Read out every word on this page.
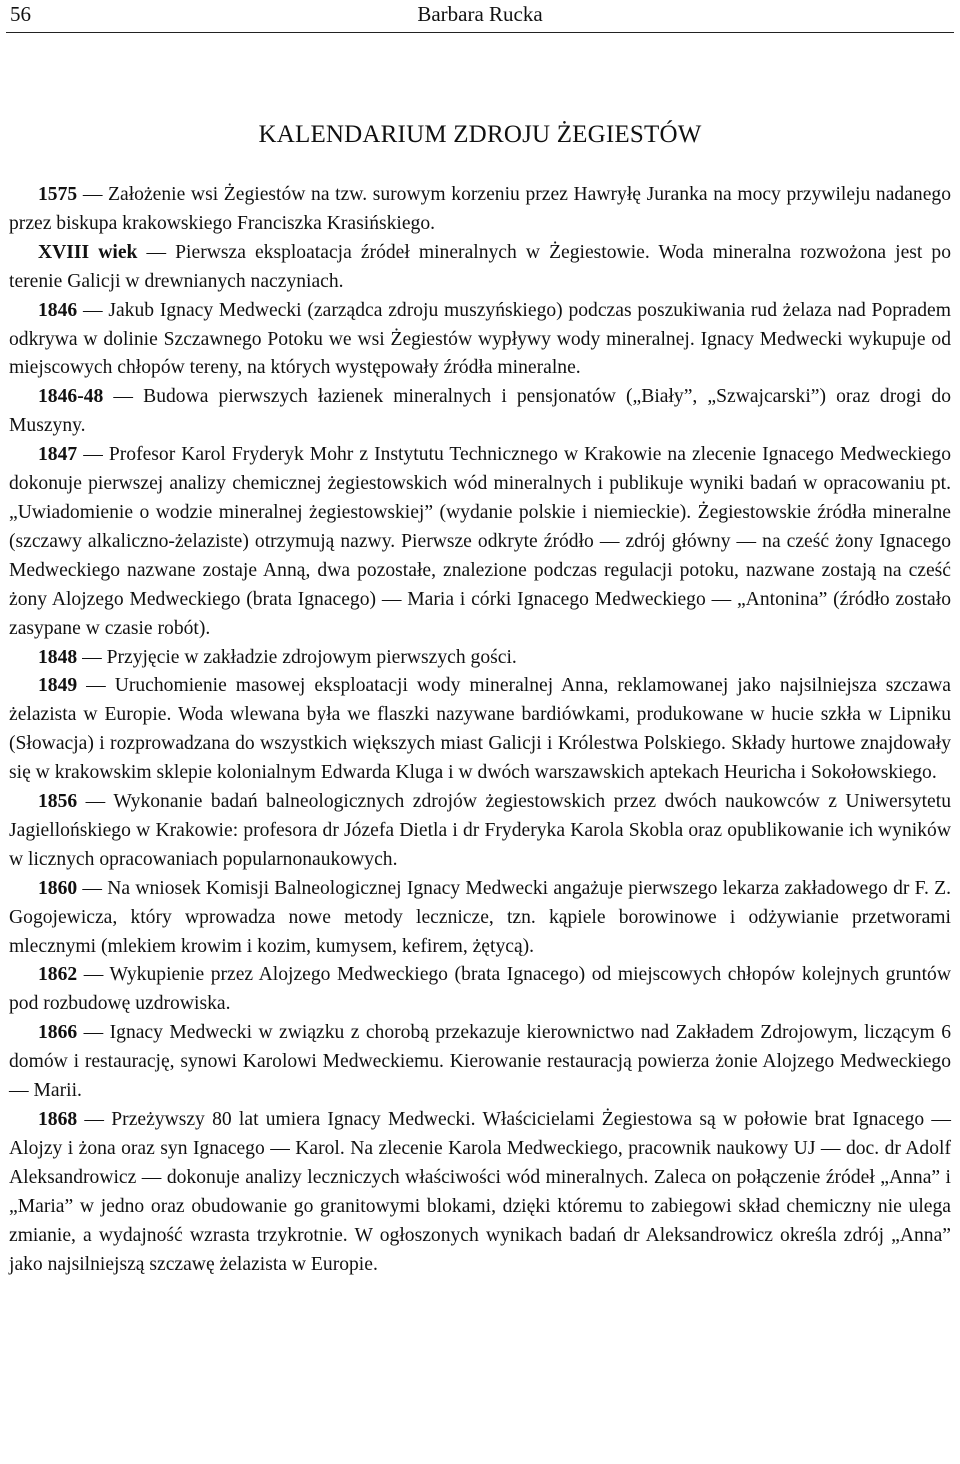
56	Barbara Rucka
KALENDARIUM ZDROJU ŻEGIESTÓW

1575 — Założenie wsi Żegiestów na tzw. surowym korzeniu przez Hawryłę Juranka na mocy przywileju nadanego przez biskupa krakowskiego Franciszka Krasińskiego.

XVIII wiek — Pierwsza eksploatacja źródeł mineralnych w Żegiestowie. Woda mineralna rozwożona jest po terenie Galicji w drewnianych naczyniach.

1846 — Jakub Ignacy Medwecki (zarządca zdroju muszyńskiego) podczas poszukiwania rud żelaza nad Popradem odkrywa w dolinie Szczawnego Potoku we wsi Żegiestów wypływy wody mineralnej. Ignacy Medwecki wykupuje od miejscowych chłopów tereny, na których występowały źródła mineralne.

1846-48 — Budowa pierwszych łazienek mineralnych i pensjonatów („Biały”, „Szwajcarski”) oraz drogi do Muszyny.

1847 — Profesor Karol Fryderyk Mohr z Instytutu Technicznego w Krakowie na zlecenie Ignacego Medweckiego dokonuje pierwszej analizy chemicznej żegiestowskich wód mineralnych i publikuje wyniki badań w opracowaniu pt. „Uwiadomienie o wodzie mineralnej żegiestowskiej” (wydanie polskie i niemieckie). Żegiestowskie źródła mineralne (szczawy alkaliczno-żelaziste) otrzymują nazwy. Pierwsze odkryte źródło — zdrój główny — na cześć żony Ignacego Medweckiego nazwane zostaje Anną, dwa pozostałe, znalezione podczas regulacji potoku, nazwane zostają na cześć żony Alojzego Medweckiego (brata Ignacego) — Maria i córki Ignacego Medweckiego — „Antonina” (źródło zostało zasypane w czasie robót).

1848 — Przyjęcie w zakładzie zdrojowym pierwszych gości.

1849 — Uruchomienie masowej eksploatacji wody mineralnej Anna, reklamowanej jako najsilniejsza szczawa żelazista w Europie. Woda wlewana była we flaszki nazywane bardiówkami, produkowane w hucie szkła w Lipniku (Słowacja) i rozprowadzana do wszystkich większych miast Galicji i Królestwa Polskiego. Składy hurtowe znajdowały się w krakowskim sklepie kolonialnym Edwarda Kluga i w dwóch warszawskich aptekach Heuricha i Sokołowskiego.

1856 — Wykonanie badań balneologicznych zdrojów żegiestowskich przez dwóch naukowców z Uniwersytetu Jagiellońskiego w Krakowie: profesora dr Józefa Dietla i dr Fryderyka Karola Skobla oraz opublikowanie ich wyników w licznych opracowaniach popularnonaukowych.

1860 — Na wniosek Komisji Balneologicznej Ignacy Medwecki angażuje pierwszego lekarza zakładowego dr F. Z. Gogojewicza, który wprowadza nowe metody lecznicze, tzn. kąpiele borowinowe i odżywianie przetworami mlecznymi (mlekiem krowim i kozim, kumysem, kefirem, żętycą).

1862 — Wykupienie przez Alojzego Medweckiego (brata Ignacego) od miejscowych chłopów kolejnych gruntów pod rozbudowę uzdrowiska.

1866 — Ignacy Medwecki w związku z chorobą przekazuje kierownictwo nad Zakładem Zdrojowym, liczącym 6 domów i restaurację, synowi Karolowi Medweckiemu. Kierowanie restauracją powierza żonie Alojzego Medweckiego — Marii.

1868 — Przeżywszy 80 lat umiera Ignacy Medwecki. Właścicielami Żegiestowa są w połowie brat Ignacego — Alojzy i żona oraz syn Ignacego — Karol. Na zlecenie Karola Medweckiego, pracownik naukowy UJ — doc. dr Adolf Aleksandrowicz — dokonuje analizy leczniczych właściwości wód mineralnych. Zaleca on połączenie źródeł „Anna” i „Maria” w jedno oraz obudowanie go granitowymi blokami, dzięki któremu to zabiegowi skład chemiczny nie ulega zmianie, a wydajność wzrasta trzykrotnie. W ogłoszonych wynikach badań dr Aleksandrowicz określa zdrój „Anna” jako najsilniejszą szczawę żelazista w Europie.
